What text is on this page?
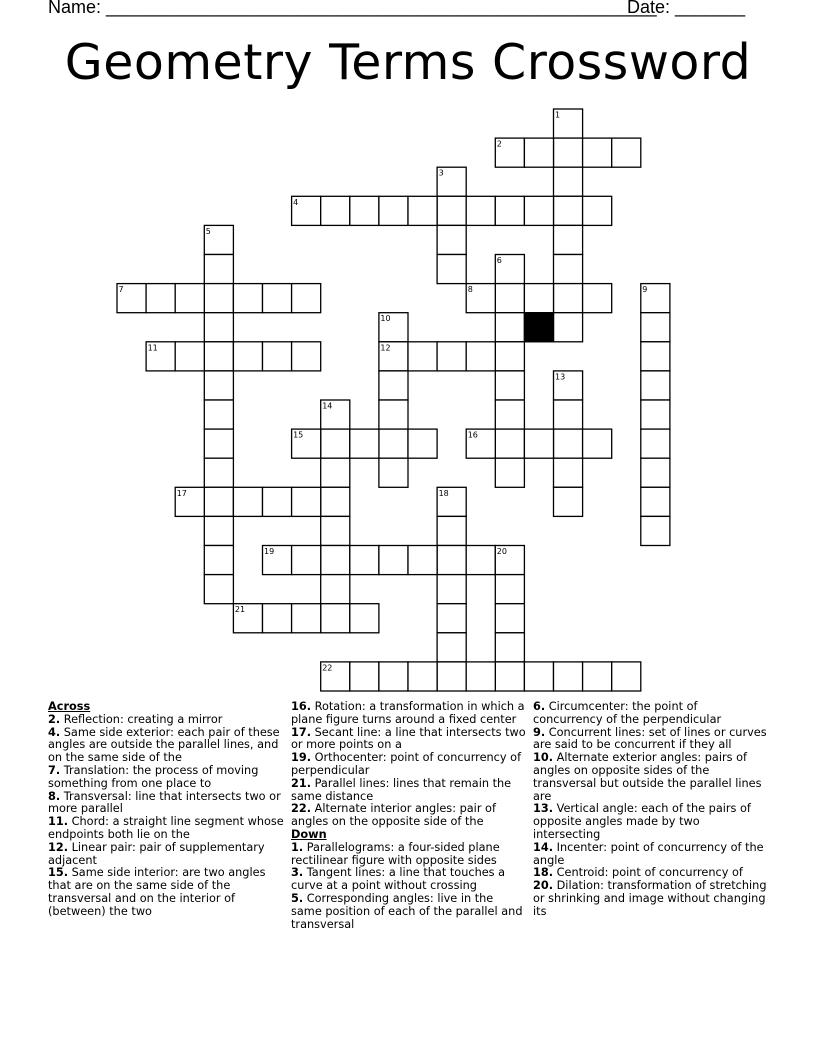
Name: _______________________________________________________
Date: _______
Geometry Terms Crossword
1
2
3
4
5
6
7	8	9
10
12
11
13
14
15	16
17	18
19	20
21
22

Across

2. Reflection: creating a mirror

4. Same side exterior: each pair of these angles are outside the parallel lines, and on the same side of the

7. Translation: the process of moving something from one place to

8. Transversal: line that intersects two or more parallel

11. Chord: a straight line segment whose endpoints both lie on the

12. Linear pair: pair of supplementary adjacent

15. Same side interior: are two angles that are on the same side of the transversal and on the interior of (between) the two

16. Rotation: a transformation in which a plane figure turns around a fixed center

17. Secant line: a line that intersects two or more points on a

19. Orthocenter: point of concurrency of perpendicular

21. Parallel lines: lines that remain the same distance

22. Alternate interior angles: pair of angles on the opposite side of the

Down

1. Parallelograms: a four-sided plane rectilinear figure with opposite sides

3. Tangent lines: a line that touches a curve at a point without crossing

5. Corresponding angles: live in the same position of each of the parallel and transversal

6. Circumcenter: the point of concurrency of the perpendicular

9. Concurrent lines: set of lines or curves are said to be concurrent if they all

10. Alternate exterior angles: pairs of angles on opposite sides of the transversal but outside the parallel lines are

13. Vertical angle: each of the pairs of opposite angles made by two intersecting

14. Incenter: point of concurrency of the angle

18. Centroid: point of concurrency of

20. Dilation: transformation of stretching or shrinking and image without changing its
